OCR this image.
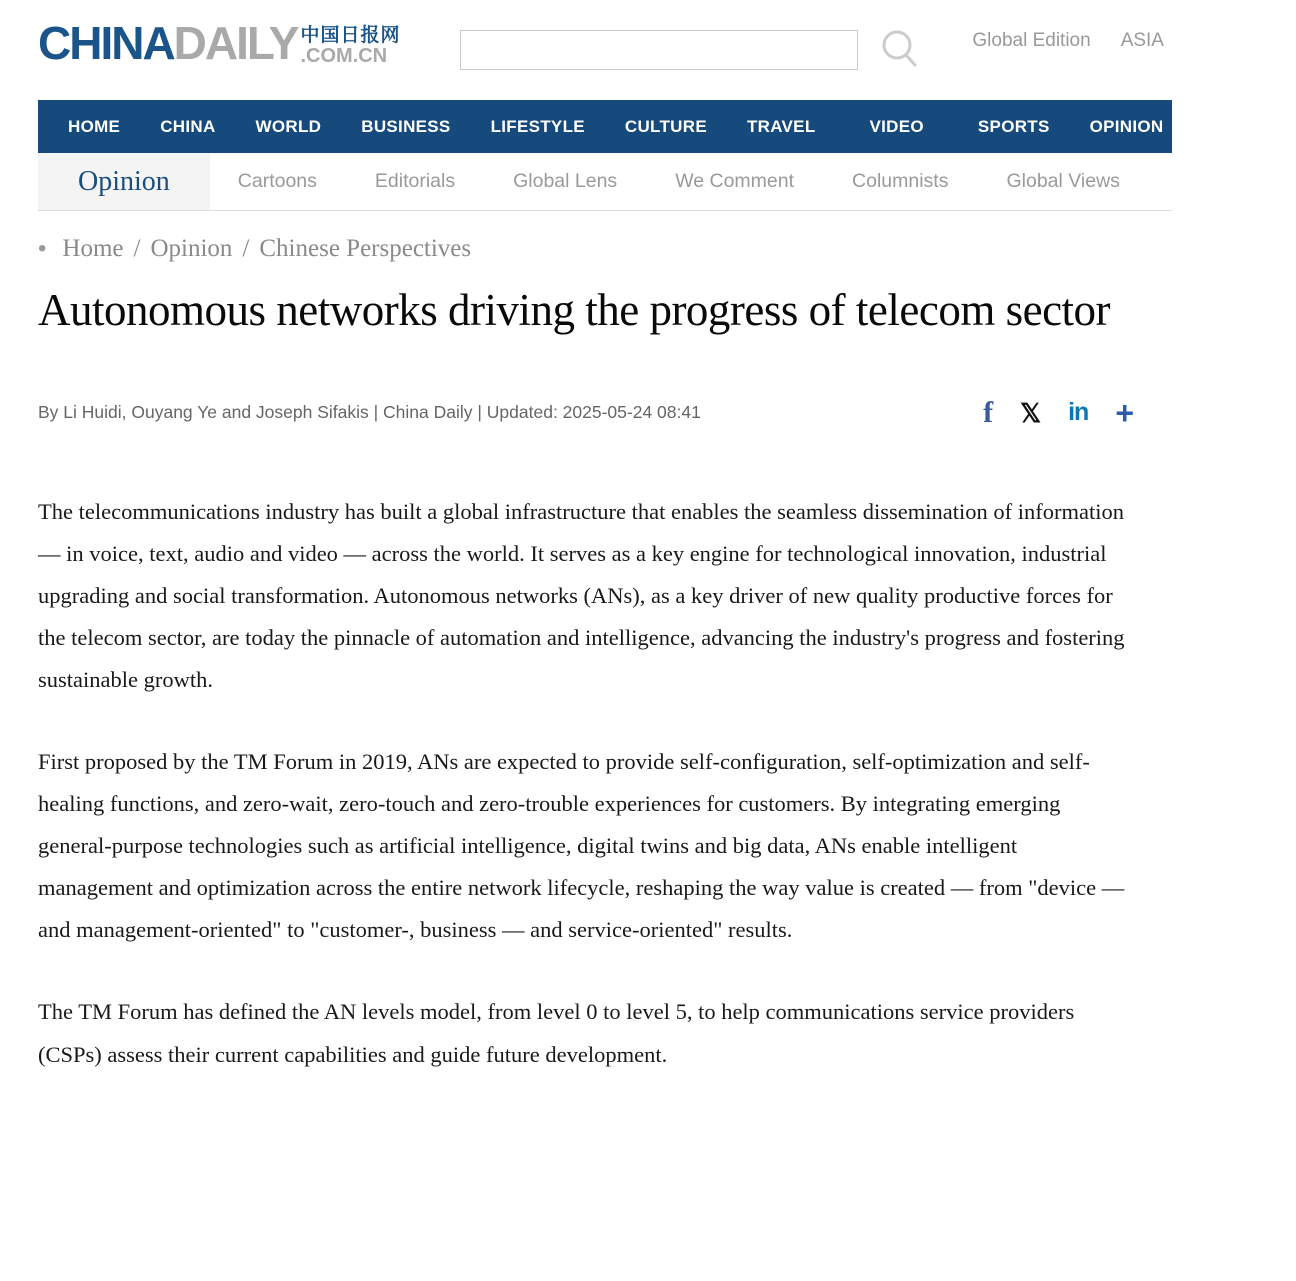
CHINADAILY 中国日报网
.COM.CN
Global Edition ASIA
HOME CHINA WORLD BUSINESS LIFESTYLE CULTURE TRAVEL	VIDEO	SPORTS OPINION REGIONAL
Opinion	Cartoons	Editorials	Global Lens	We Comment	Columnists	Global Views
• Home / Opinion / Chinese Perspectives
Autonomous networks driving the progress of telecom sector
By Li Huidi, Ouyang Ye and Joseph Sifakis | China Daily | Updated: 2025-05-24 08:41	f 𝕏 in +

The telecommunications industry has built a global infrastructure that enables the seamless dissemination of information — in voice, text, audio and video — across the world. It serves as a key engine for technological innovation, industrial upgrading and social transformation. Autonomous networks (ANs), as a key driver of new quality productive forces for the telecom sector, are today the pinnacle of automation and intelligence, advancing the industry's progress and fostering sustainable growth.

First proposed by the TM Forum in 2019, ANs are expected to provide self-configuration, self-optimization and self-healing functions, and zero-wait, zero-touch and zero-trouble experiences for customers. By integrating emerging general-purpose technologies such as artificial intelligence, digital twins and big data, ANs enable intelligent management and optimization across the entire network lifecycle, reshaping the way value is created — from "device — and management-oriented" to "customer-, business — and service-oriented" results.

The TM Forum has defined the AN levels model, from level 0 to level 5, to help communications service providers (CSPs) assess their current capabilities and guide future development.
